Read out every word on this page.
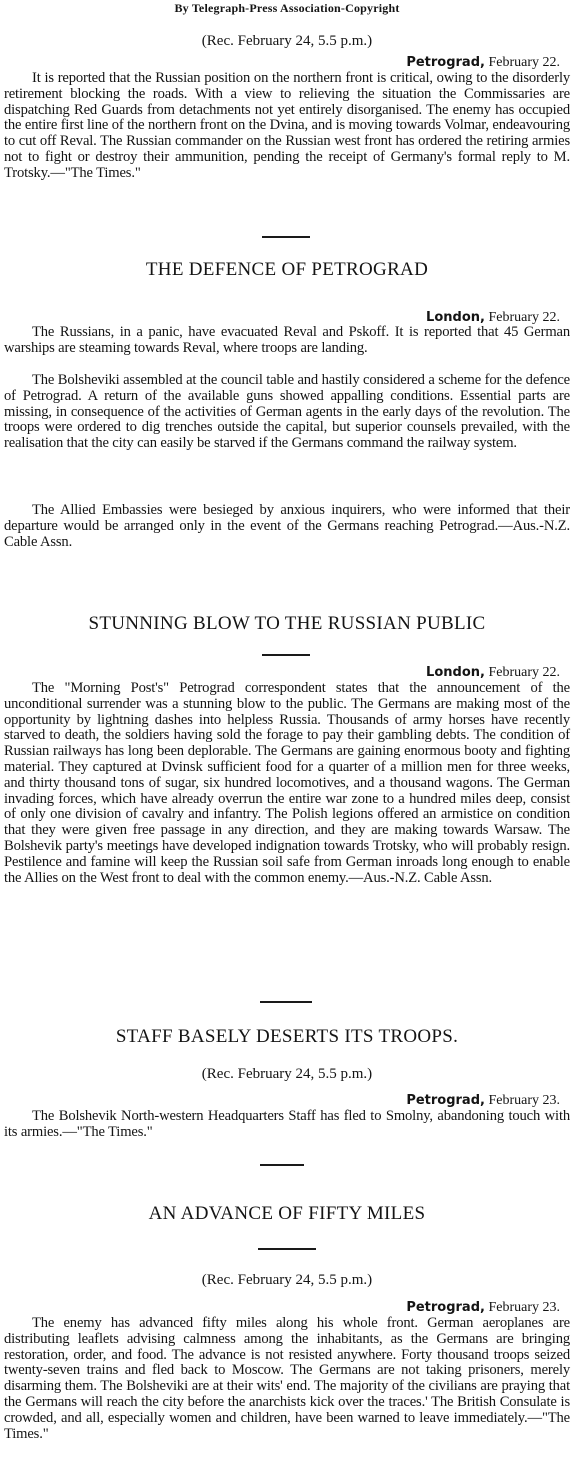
By Telegraph-Press Association-Copyright
(Rec. February 24, 5.5 p.m.)
Petrograd, February 22.

It is reported that the Russian position on the northern front is critical, owing to the disorderly retirement blocking the roads. With a view to relieving the situation the Commissaries are dispatching Red Guards from detachments not yet entirely disorganised. The enemy has occupied the entire first line of the northern front on the Dvina, and is moving towards Volmar, endeavouring to cut off Reval. The Russian commander on the Russian west front has ordered the retiring armies not to fight or destroy their ammunition, pending the receipt of Germany's formal reply to M. Trotsky.—"The Times."

THE DEFENCE OF PETROGRAD
London, February 22.

The Russians, in a panic, have evacuated Reval and Pskoff. It is reported that 45 German warships are steaming towards Reval, where troops are landing.

The Bolsheviki assembled at the council table and hastily considered a scheme for the defence of Petrograd. A return of the available guns showed appalling conditions. Essential parts are missing, in consequence of the activities of German agents in the early days of the revolution. The troops were ordered to dig trenches outside the capital, but superior counsels prevailed, with the realisation that the city can easily be starved if the Germans command the railway system.

The Allied Embassies were besieged by anxious inquirers, who were informed that their departure would be arranged only in the event of the Germans reaching Petrograd.—Aus.-N.Z. Cable Assn.

STUNNING BLOW TO THE RUSSIAN PUBLIC
London, February 22.

The "Morning Post's" Petrograd correspondent states that the announcement of the unconditional surrender was a stunning blow to the public. The Germans are making most of the opportunity by lightning dashes into helpless Russia. Thousands of army horses have recently starved to death, the soldiers having sold the forage to pay their gambling debts. The condition of Russian railways has long been deplorable. The Germans are gaining enormous booty and fighting material. They captured at Dvinsk sufficient food for a quarter of a million men for three weeks, and thirty thousand tons of sugar, six hundred locomotives, and a thousand wagons. The German invading forces, which have already overrun the entire war zone to a hundred miles deep, consist of only one division of cavalry and infantry. The Polish legions offered an armistice on condition that they were given free passage in any direction, and they are making towards Warsaw. The Bolshevik party's meetings have developed indignation towards Trotsky, who will probably resign. Pestilence and famine will keep the Russian soil safe from German inroads long enough to enable the Allies on the West front to deal with the common enemy.—Aus.-N.Z. Cable Assn.

STAFF BASELY DESERTS ITS TROOPS.
(Rec. February 24, 5.5 p.m.)
Petrograd, February 23.

The Bolshevik North-western Headquarters Staff has fled to Smolny, abandoning touch with its armies.—"The Times."

AN ADVANCE OF FIFTY MILES
(Rec. February 24, 5.5 p.m.)
Petrograd, February 23.

The enemy has advanced fifty miles along his whole front. German aeroplanes are distributing leaflets advising calmness among the inhabitants, as the Germans are bringing restoration, order, and food. The advance is not resisted anywhere. Forty thousand troops seized twenty-seven trains and fled back to Moscow. The Germans are not taking prisoners, merely disarming them. The Bolsheviki are at their wits' end. The majority of the civilians are praying that the Germans will reach the city before the anarchists kick over the traces.' The British Consulate is crowded, and all, especially women and children, have been warned to leave immediately.—"The Times."
